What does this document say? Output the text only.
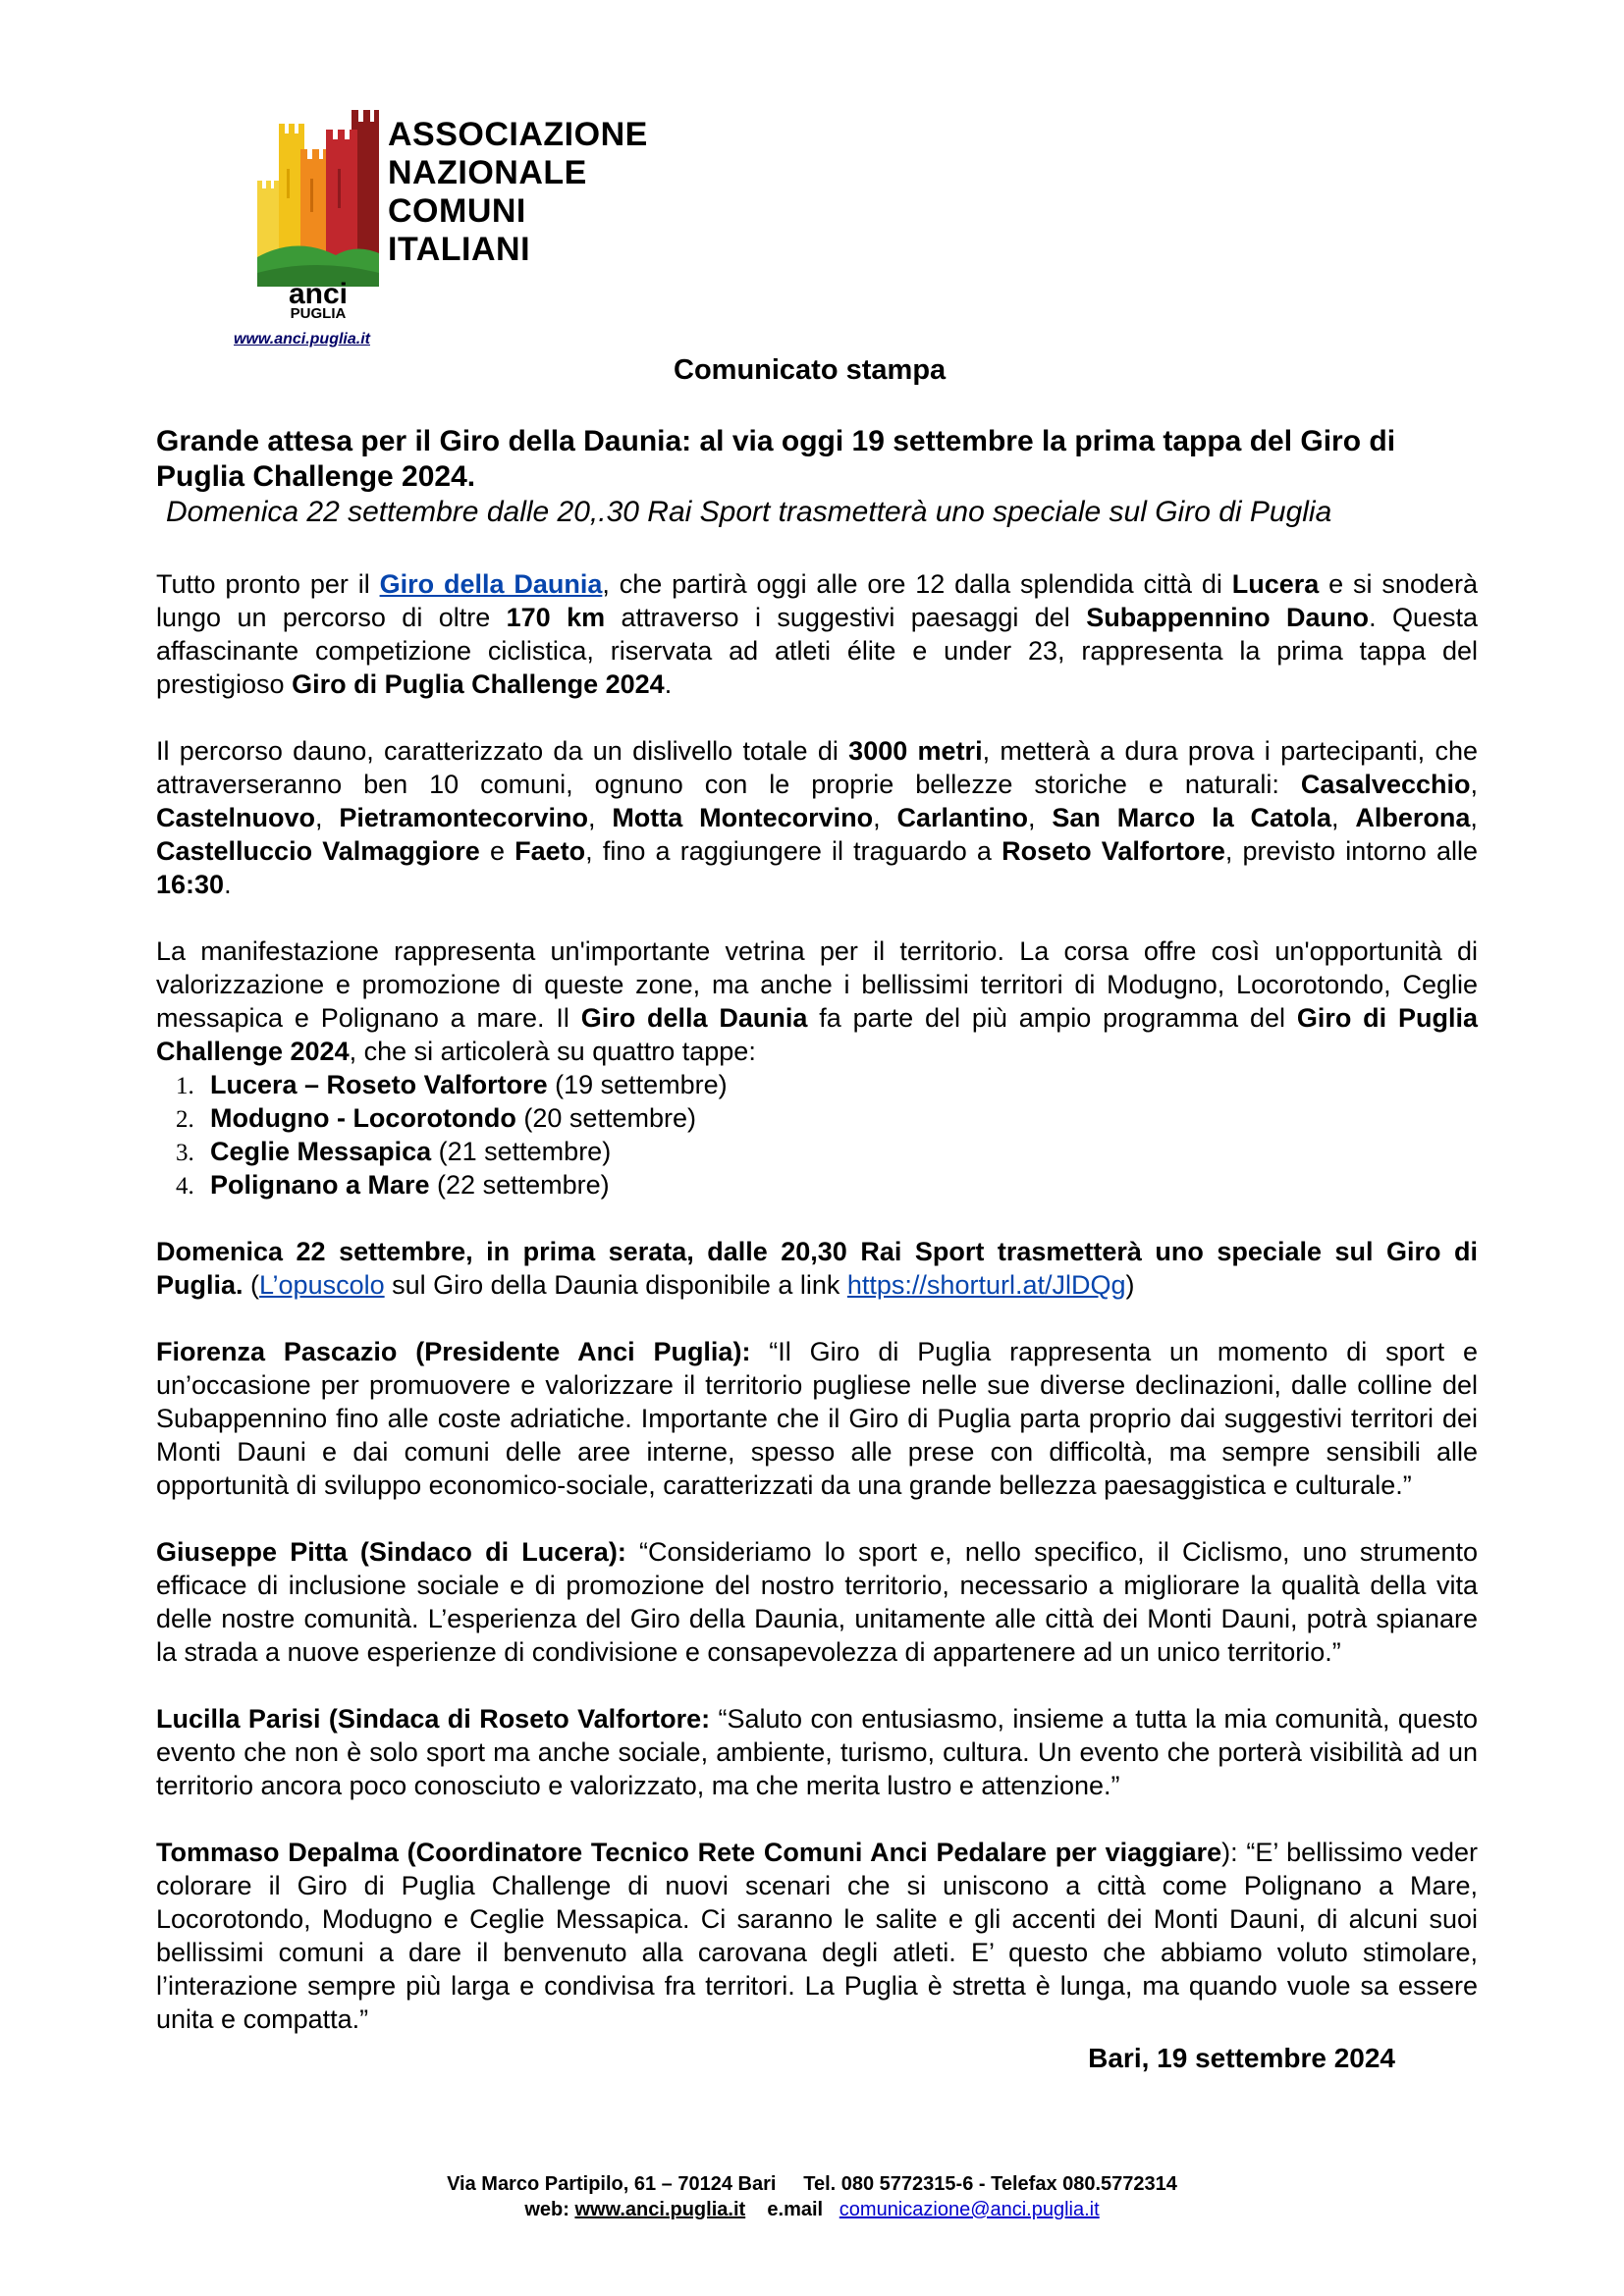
anci
PUGLIA
ASSOCIAZIONE
NAZIONALE
COMUNI
ITALIANI
www.anci.puglia.it
Comunicato stampa

Grande attesa per il Giro della Daunia: al via oggi 19 settembre la prima tappa del Giro di Puglia Challenge 2024.

Domenica 22 settembre dalle 20,.30 Rai Sport trasmetterà uno speciale sul Giro di Puglia

Tutto pronto per il Giro della Daunia, che partirà oggi alle ore 12 dalla splendida città di Lucera e si snoderà lungo un percorso di oltre 170 km attraverso i suggestivi paesaggi del Subappennino Dauno. Questa affascinante competizione ciclistica, riservata ad atleti élite e under 23, rappresenta la prima tappa del prestigioso Giro di Puglia Challenge 2024.

Il percorso dauno, caratterizzato da un dislivello totale di 3000 metri, metterà a dura prova i partecipanti, che attraverseranno ben 10 comuni, ognuno con le proprie bellezze storiche e naturali: Casalvecchio, Castelnuovo, Pietramontecorvino, Motta Montecorvino, Carlantino, San Marco la Catola, Alberona, Castelluccio Valmaggiore e Faeto, fino a raggiungere il traguardo a Roseto Valfortore, previsto intorno alle 16:30.

La manifestazione rappresenta un'importante vetrina per il territorio. La corsa offre così un'opportunità di valorizzazione e promozione di queste zone, ma anche i bellissimi territori di Modugno, Locorotondo, Ceglie messapica e Polignano a mare. Il Giro della Daunia fa parte del più ampio programma del Giro di Puglia Challenge 2024, che si articolerà su quattro tappe:

1. Lucera – Roseto Valfortore (19 settembre)
2. Modugno - Locorotondo (20 settembre)
3. Ceglie Messapica (21 settembre)
4. Polignano a Mare (22 settembre)

Domenica 22 settembre, in prima serata, dalle 20,30 Rai Sport trasmetterà uno speciale sul Giro di Puglia. (L’opuscolo sul Giro della Daunia disponibile a link https://shorturl.at/JlDQg)

Fiorenza Pascazio (Presidente Anci Puglia): “Il Giro di Puglia rappresenta un momento di sport e un’occasione per promuovere e valorizzare il territorio pugliese nelle sue diverse declinazioni, dalle colline del Subappennino fino alle coste adriatiche. Importante che il Giro di Puglia parta proprio dai suggestivi territori dei Monti Dauni e dai comuni delle aree interne, spesso alle prese con difficoltà, ma sempre sensibili alle opportunità di sviluppo economico-sociale, caratterizzati da una grande bellezza paesaggistica e culturale.”

Giuseppe Pitta (Sindaco di Lucera): “Consideriamo lo sport e, nello specifico, il Ciclismo, uno strumento efficace di inclusione sociale e di promozione del nostro territorio, necessario a migliorare la qualità della vita delle nostre comunità. L’esperienza del Giro della Daunia, unitamente alle città dei Monti Dauni, potrà spianare la strada a nuove esperienze di condivisione e consapevolezza di appartenere ad un unico territorio.”

Lucilla Parisi (Sindaca di Roseto Valfortore: “Saluto con entusiasmo, insieme a tutta la mia comunità, questo evento che non è solo sport ma anche sociale, ambiente, turismo, cultura. Un evento che porterà visibilità ad un territorio ancora poco conosciuto e valorizzato, ma che merita lustro e attenzione.”

Tommaso Depalma (Coordinatore Tecnico Rete Comuni Anci Pedalare per viaggiare): “E’ bellissimo veder colorare il Giro di Puglia Challenge di nuovi scenari che si uniscono a città come Polignano a Mare, Locorotondo, Modugno e Ceglie Messapica. Ci saranno le salite e gli accenti dei Monti Dauni, di alcuni suoi bellissimi comuni a dare il benvenuto alla carovana degli atleti. E’ questo che abbiamo voluto stimolare, l’interazione sempre più larga e condivisa fra territori. La Puglia è stretta è lunga, ma quando vuole sa essere unita e compatta.”

Bari, 19 settembre 2024
Via Marco Partipilo, 61 – 70124 Bari Tel. 080 5772315-6 - Telefax 080.5772314
web: www.anci.puglia.it e.mail comunicazione@anci.puglia.it
